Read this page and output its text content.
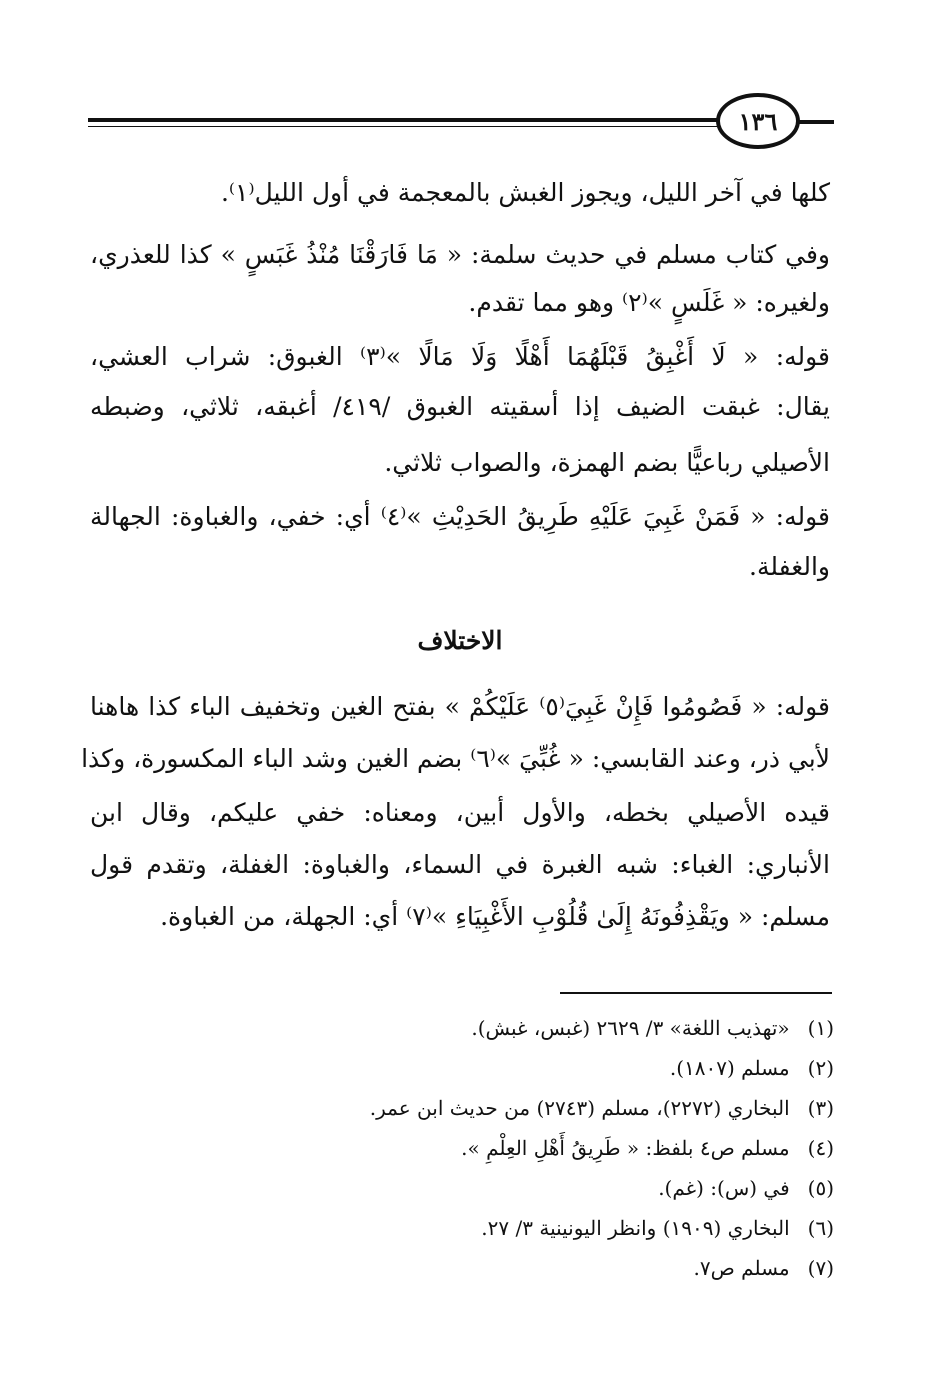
١٣٦
كلها في آخر الليل، ويجوز الغبش بالمعجمة في أول الليل⁽١⁾.
وفي كتاب مسلم في حديث سلمة: « مَا فَارَقْنَا مُنْذُ غَبَسٍ » كذا للعذري،
ولغيره: « غَلَسٍ »⁽٢⁾ وهو مما تقدم.
قوله: « لَا أَغْبِقُ قَبْلَهُمَا أَهْلًا وَلَا مَالًا »⁽٣⁾ الغبوق: شراب العشي،
يقال: غبقت الضيف إذا أسقيته الغبوق /٤١٩/ أغبقه، ثلاثي، وضبطه
الأصيلي رباعيًّا بضم الهمزة، والصواب ثلاثي.
قوله: « فَمَنْ غَبِيَ عَلَيْهِ طَرِيقُ الحَدِيْثِ »⁽٤⁾ أي: خفي، والغباوة: الجهالة
والغفلة.
الاختلاف
قوله: « فَصُومُوا فَإِنْ غَبِيَ⁽٥⁾ عَلَيْكُمْ » بفتح الغين وتخفيف الباء كذا هاهنا
لأبي ذر، وعند القابسي: « غُبِّيَ »⁽٦⁾ بضم الغين وشد الباء المكسورة، وكذا
قيده الأصيلي بخطه، والأول أبين، ومعناه: خفي عليكم، وقال ابن
الأنباري: الغباء: شبه الغبرة في السماء، والغباوة: الغفلة، وتقدم قول
مسلم: « ويَقْذِفُونَهُ إِلَىٰ قُلُوْبِ الأَغْبِيَاءِ »⁽٧⁾ أي: الجهلة، من الغباوة.
(١) «تهذيب اللغة» ٣/ ٢٦٢٩ (غبس، غبش).
(٢) مسلم (١٨٠٧).
(٣) البخاري (٢٢٧٢)، مسلم (٢٧٤٣) من حديث ابن عمر.
(٤) مسلم ص٤ بلفظ: « طَرِيقُ أَهْلِ العِلْمِ ».
(٥) في (س): (غم).
(٦) البخاري (١٩٠٩) وانظر اليونينية ٣/ ٢٧.
(٧) مسلم ص٧.
